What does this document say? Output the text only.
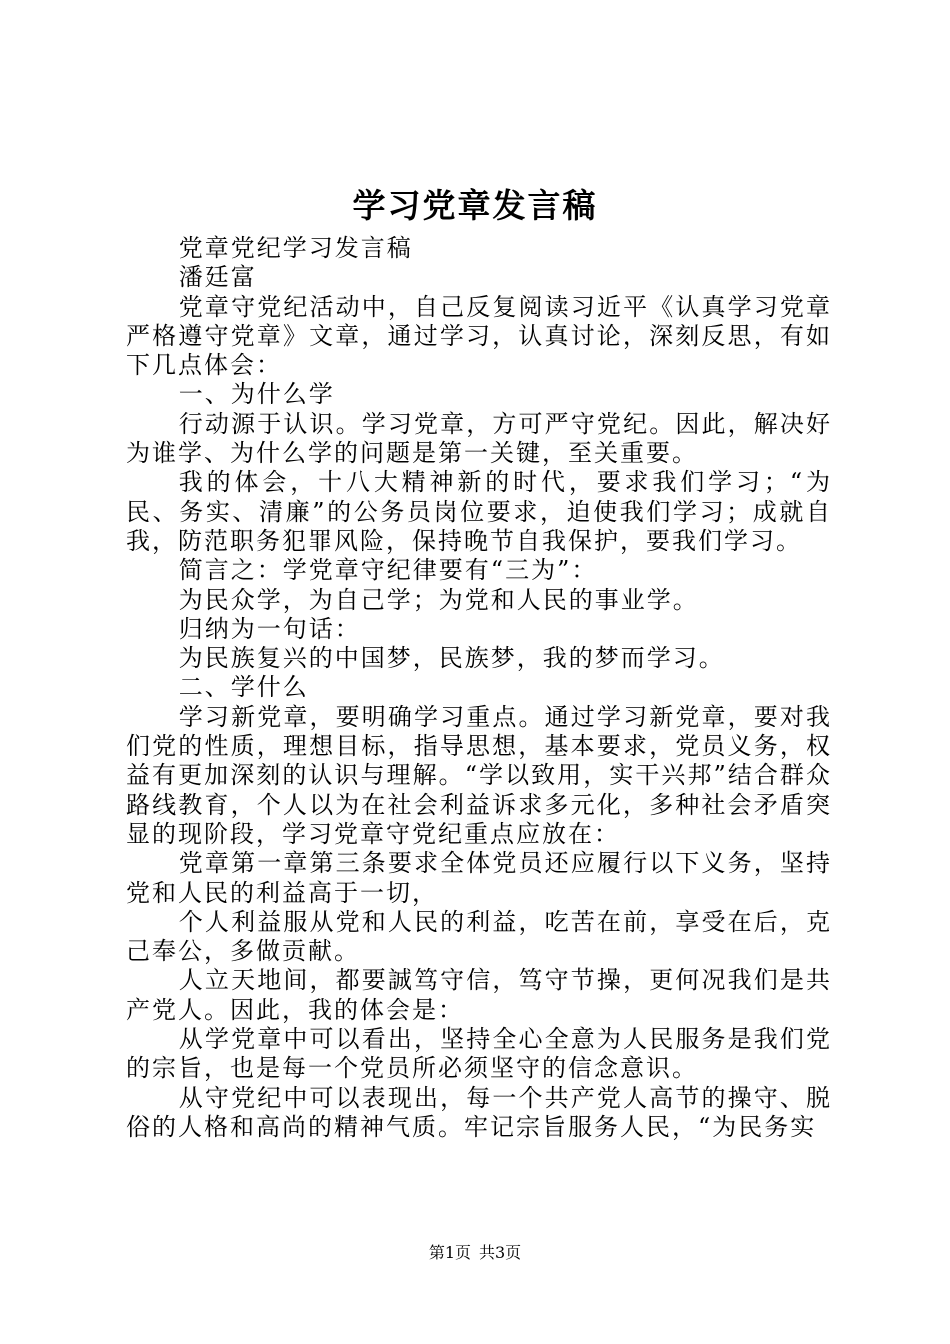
学习党章发言稿

党章党纪学习发言稿

潘廷富

党章守党纪活动中，自己反复阅读习近平《认真学习党章严格遵守党章》文章，通过学习，认真讨论，深刻反思，有如下几点体会：

一、为什么学

行动源于认识。学习党章，方可严守党纪。因此，解决好为谁学、为什么学的问题是第一关键，至关重要。

我的体会，十八大精神新的时代，要求我们学习；“为民、务实、清廉”的公务员岗位要求，迫使我们学习；成就自我，防范职务犯罪风险，保持晚节自我保护，要我们学习。

简言之：学党章守纪律要有“三为”：

为民众学，为自己学；为党和人民的事业学。

归纳为一句话：

为民族复兴的中国梦，民族梦，我的梦而学习。

二、学什么

学习新党章，要明确学习重点。通过学习新党章，要对我们党的性质，理想目标，指导思想，基本要求，党员义务，权益有更加深刻的认识与理解。“学以致用，实干兴邦”结合群众路线教育，个人以为在社会利益诉求多元化，多种社会矛盾突显的现阶段，学习党章守党纪重点应放在：

党章第一章第三条要求全体党员还应履行以下义务，坚持党和人民的利益高于一切，

个人利益服从党和人民的利益，吃苦在前，享受在后，克己奉公，多做贡献。

人立天地间，都要誠笃守信，笃守节操，更何况我们是共产党人。因此，我的体会是：

从学党章中可以看出，坚持全心全意为人民服务是我们党的宗旨，也是每一个党员所必须坚守的信念意识。

从守党纪中可以表现出，每一个共产党人高节的操守、脱俗的人格和高尚的精神气质。牢记宗旨服务人民，“为民务实

第1页 共3页
